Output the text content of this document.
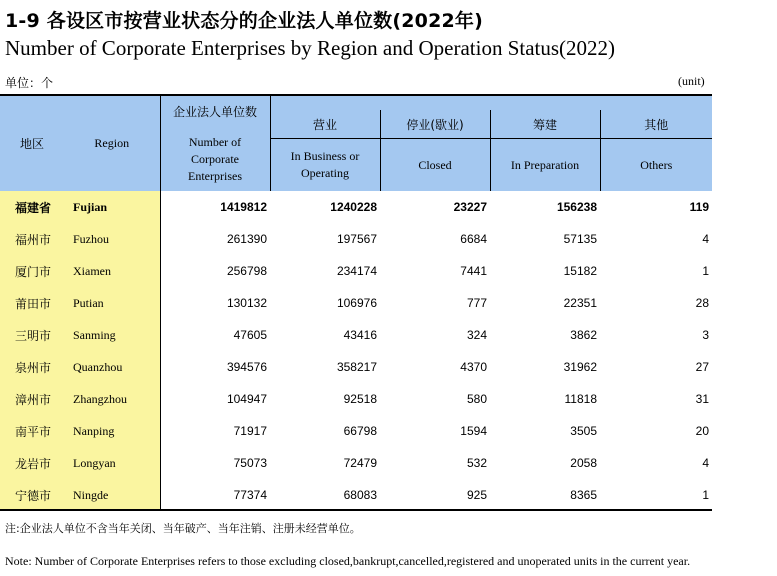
1-9 各设区市按营业状态分的企业法人单位数(2022年)
Number of Corporate Enterprises by Region and Operation Status(2022)
单位：个	(unit)
地区	Region	企业法人单位数
Number of Corporate Enterprises				

			营业	停业(歇业)	筹建	其他

			In Business or Operating	Closed	In Preparation	Others

福建省	Fujian	1419812	1240228	23227	156238	119
福州市	Fuzhou	261390	197567	6684	57135	4
厦门市	Xiamen	256798	234174	7441	15182	1
莆田市	Putian	130132	106976	777	22351	28
三明市	Sanming	47605	43416	324	3862	3
泉州市	Quanzhou	394576	358217	4370	31962	27
漳州市	Zhangzhou	104947	92518	580	11818	31
南平市	Nanping	71917	66798	1594	3505	20
龙岩市	Longyan	75073	72479	532	2058	4
宁德市	Ningde	77374	68083	925	8365	1
注:企业法人单位不含当年关闭、当年破产、当年注销、注册未经营单位。
Note: Number of Corporate Enterprises refers to those excluding closed,bankrupt,cancelled,registered and unoperated units in the current year.
